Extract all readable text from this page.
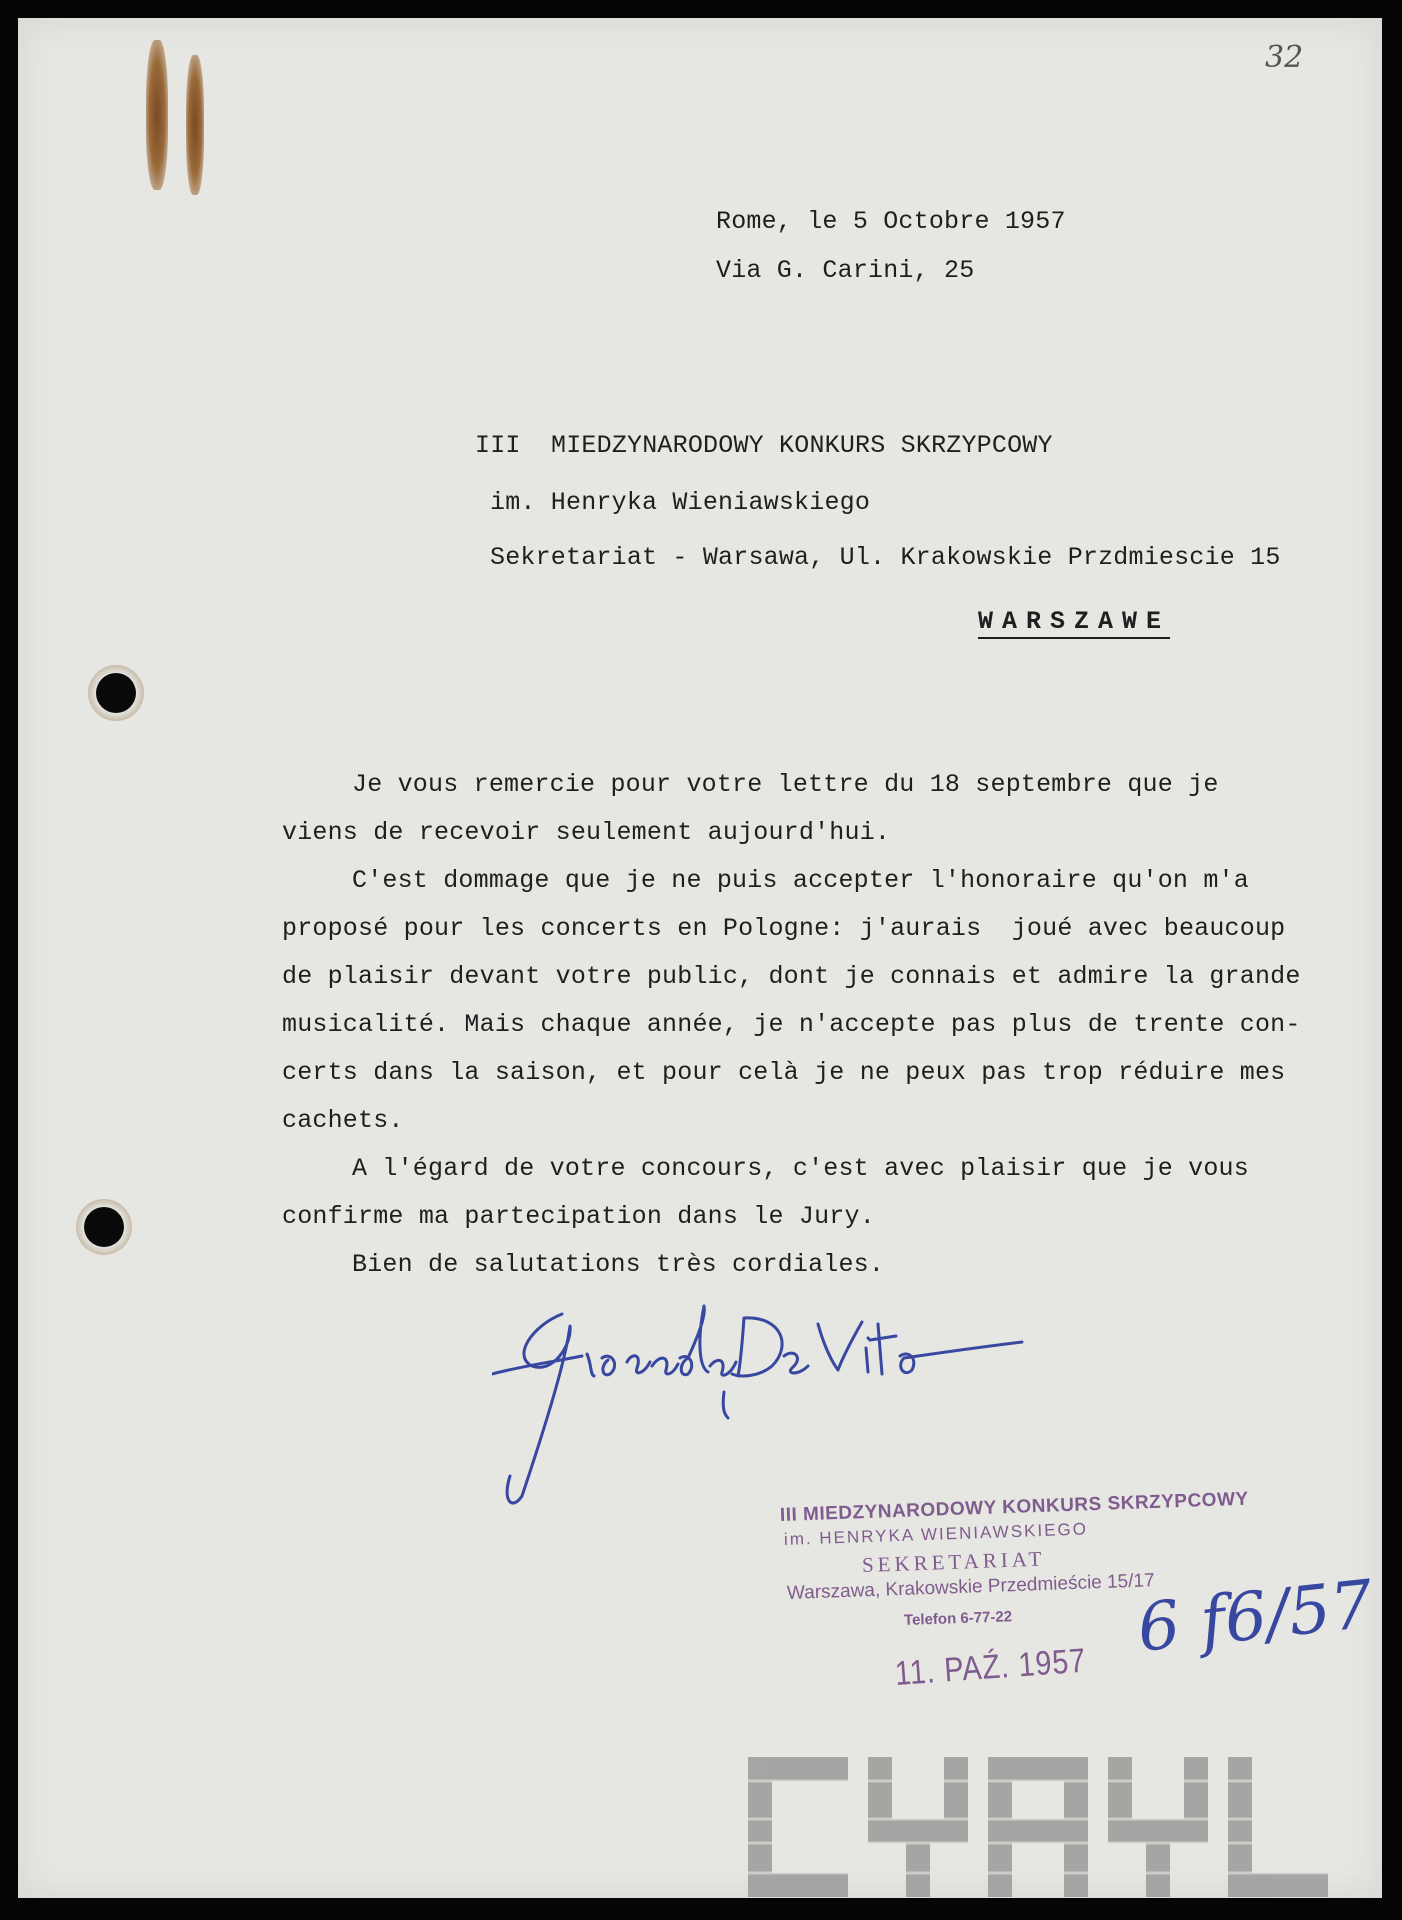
32
Rome, le 5 Octobre 1957
Via G. Carini, 25
III  MIEDZYNARODOWY KONKURS SKRZYPCOWY
im. Henryka Wieniawskiego
Sekretariat - Warsawa, Ul. Krakowskie Przdmiescie 15
WARSZAWE
Je vous remercie pour votre lettre du 18 septembre que je
viens de recevoir seulement aujourd'hui.
C'est dommage que je ne puis accepter l'honoraire qu'on m'a
proposé pour les concerts en Pologne: j'aurais  joué avec beaucoup
de plaisir devant votre public, dont je connais et admire la grande
musicalité. Mais chaque année, je n'accepte pas plus de trente con-
certs dans la saison, et pour celà je ne peux pas trop réduire mes
cachets.
A l'égard de votre concours, c'est avec plaisir que je vous
confirme ma partecipation dans le Jury.
Bien de salutations très cordiales.
III MIEDZYNARODOWY KONKURS SKRZYPCOWY
im. HENRYKA WIENIAWSKIEGO
SEKRETARIAT
Warszawa, Krakowskie Przedmieście 15/17
Telefon 6-77-22
11. PAŹ. 1957
6 f6/57
